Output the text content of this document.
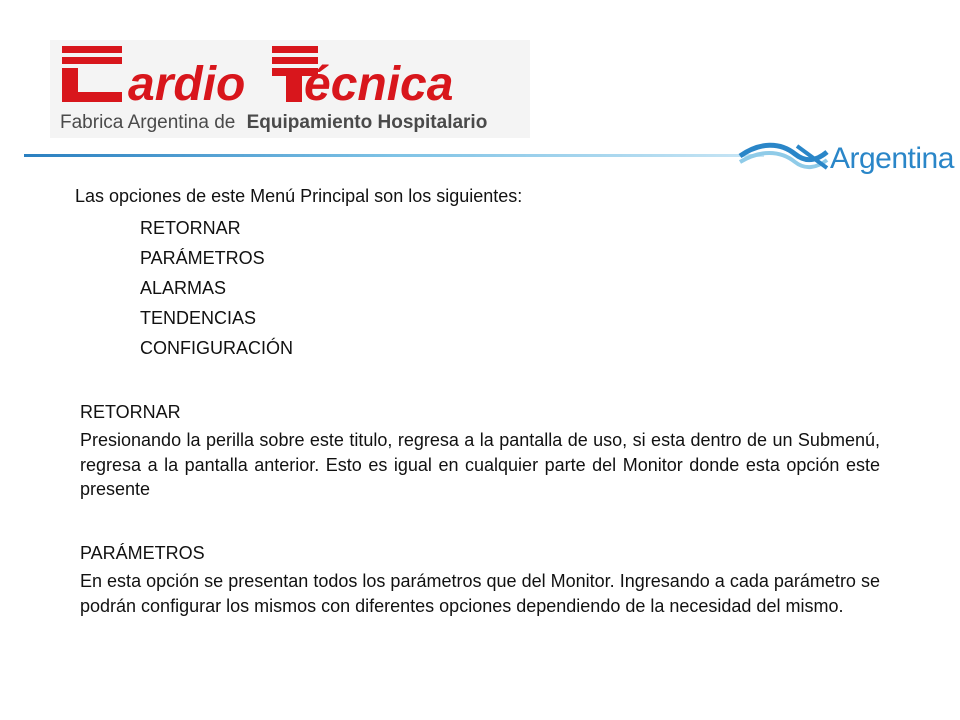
ardio écnica
Fabrica Argentina de Equipamiento Hospitalario
Argentina
Las opciones de este Menú Principal son los siguientes:
RETORNAR
PARÁMETROS
ALARMAS
TENDENCIAS
CONFIGURACIÓN
RETORNAR

Presionando la perilla sobre este titulo, regresa a la pantalla de uso, si esta dentro de un Submenú, regresa a la pantalla anterior. Esto es igual en cualquier parte del Monitor donde esta opción este presente

PARÁMETROS

En esta opción se presentan todos los parámetros que del Monitor. Ingresando a cada parámetro se podrán configurar los mismos con diferentes opciones dependiendo de la necesidad del mismo.
